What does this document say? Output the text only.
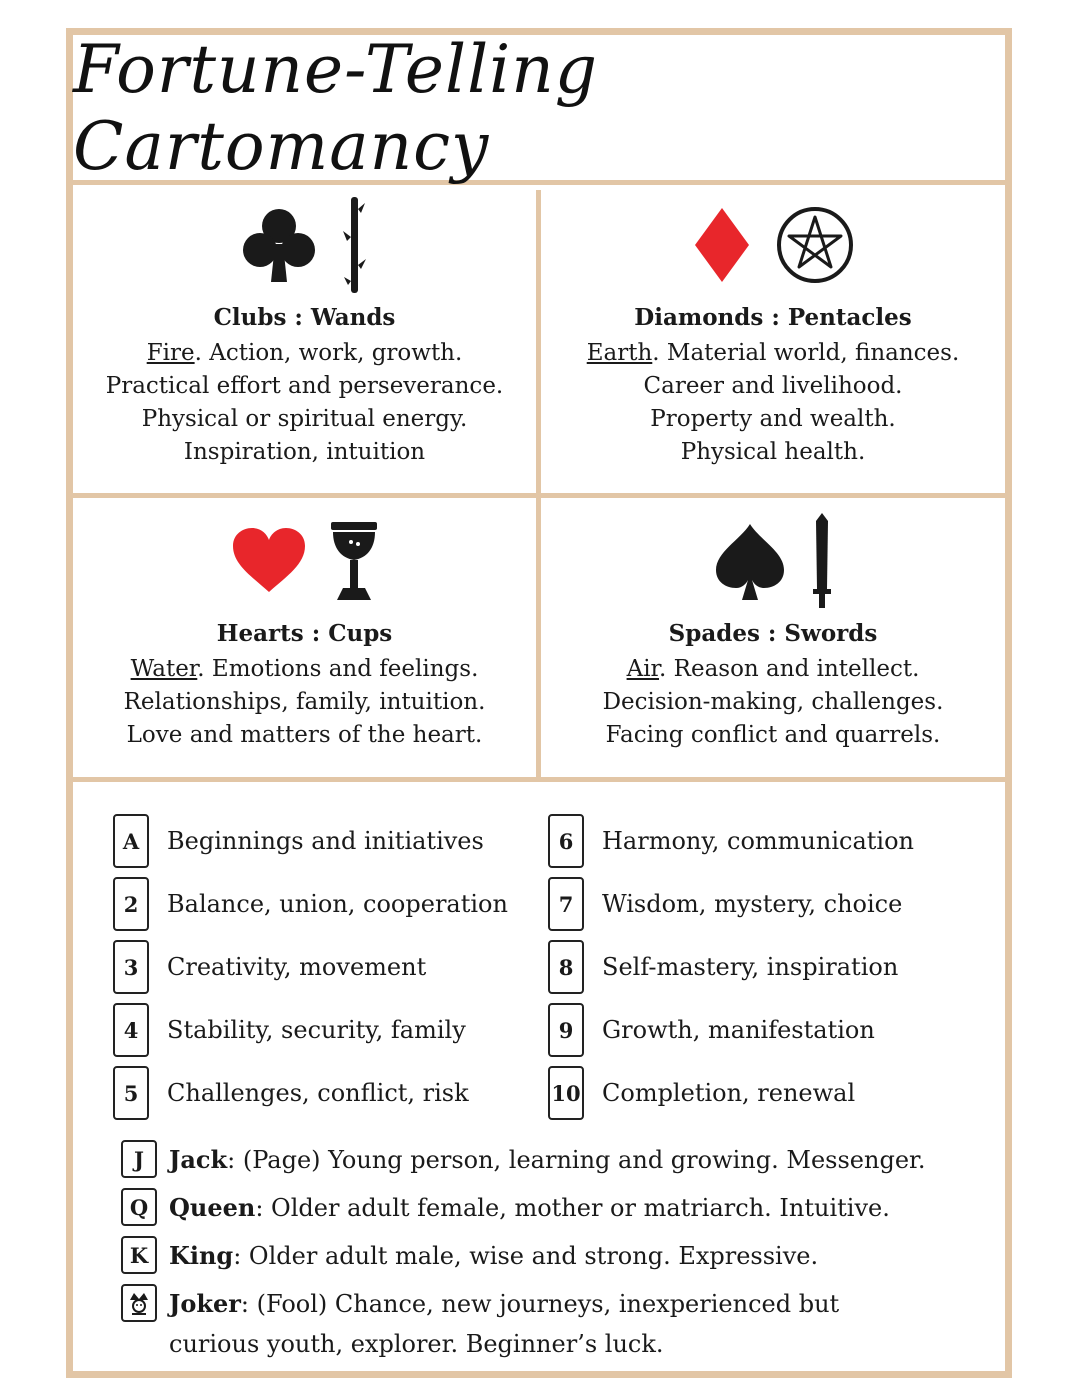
Fortune-Telling Cartomancy
Clubs : Wands
Fire. Action, work, growth.
Practical effort and perseverance.
Physical or spiritual energy.
Inspiration, intuition
Diamonds : Pentacles
Earth. Material world, finances.
Career and livelihood.
Property and wealth.
Physical health.
Hearts : Cups
Water. Emotions and feelings.
Relationships, family, intuition.
Love and matters of the heart.
Spades : Swords
Air. Reason and intellect.
Decision-making, challenges.
Facing conflict and quarrels.
A	Beginnings and initiatives
2	Balance, union, cooperation
3	Creativity, movement
4	Stability, security, family
5	Challenges, conflict, risk
6	Harmony, communication
7	Wisdom, mystery, choice
8	Self-mastery, inspiration
9	Growth, manifestation
10 Completion, renewal
J	Jack: (Page) Young person, learning and growing. Messenger.
Q Queen: Older adult female, mother or matriarch. Intuitive.
K King: Older adult male, wise and strong. Expressive.
Joker: (Fool) Chance, new journeys, inexperienced but
curious youth, explorer. Beginner’s luck.
